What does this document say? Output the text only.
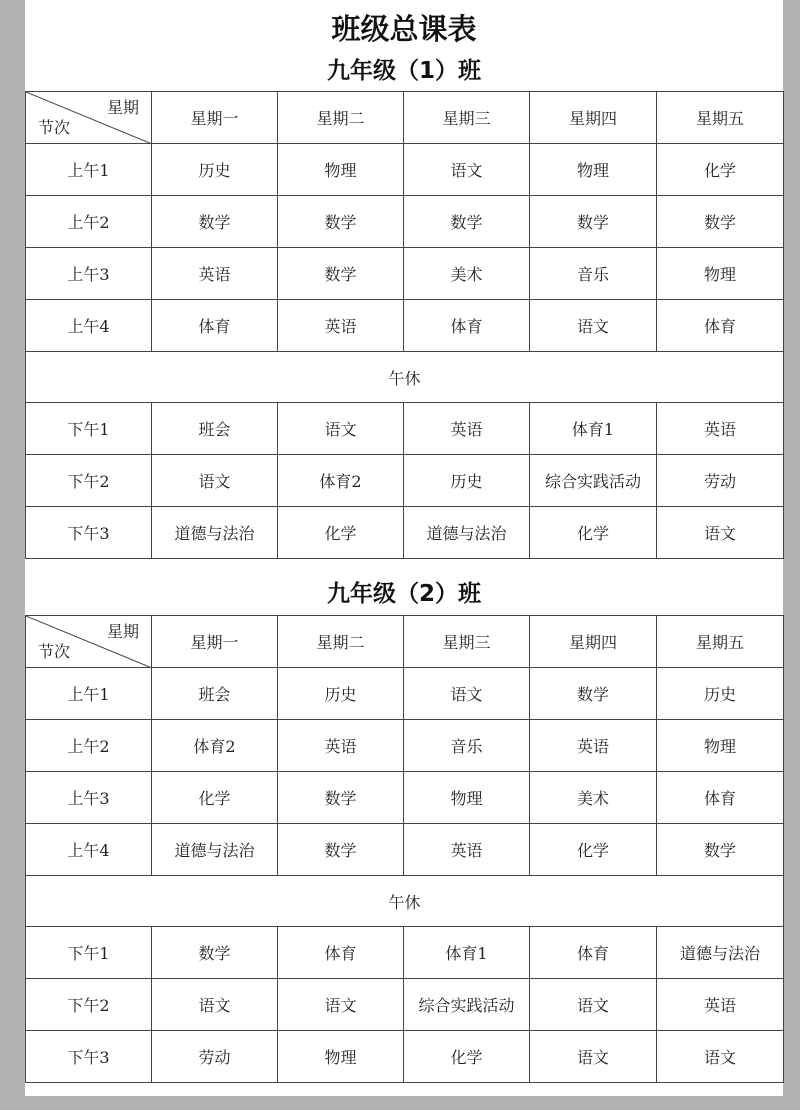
班级总课表
九年级（1）班
星期
节次	星期一	星期二	星期三	星期四	星期五
上午1	历史	物理	语文	物理	化学
上午2	数学	数学	数学	数学	数学
上午3	英语	数学	美术	音乐	物理
上午4	体育	英语	体育	语文	体育
午休					
下午1	班会	语文	英语	体育1	英语
下午2	语文	体育2	历史	综合实践活动	劳动
下午3	道德与法治	化学	道德与法治	化学	语文
九年级（2）班
星期
节次	星期一	星期二	星期三	星期四	星期五
上午1	班会	历史	语文	数学	历史
上午2	体育2	英语	音乐	英语	物理
上午3	化学	数学	物理	美术	体育
上午4	道德与法治	数学	英语	化学	数学
午休					
下午1	数学	体育	体育1	体育	道德与法治
下午2	语文	语文	综合实践活动	语文	英语
下午3	劳动	物理	化学	语文	语文
